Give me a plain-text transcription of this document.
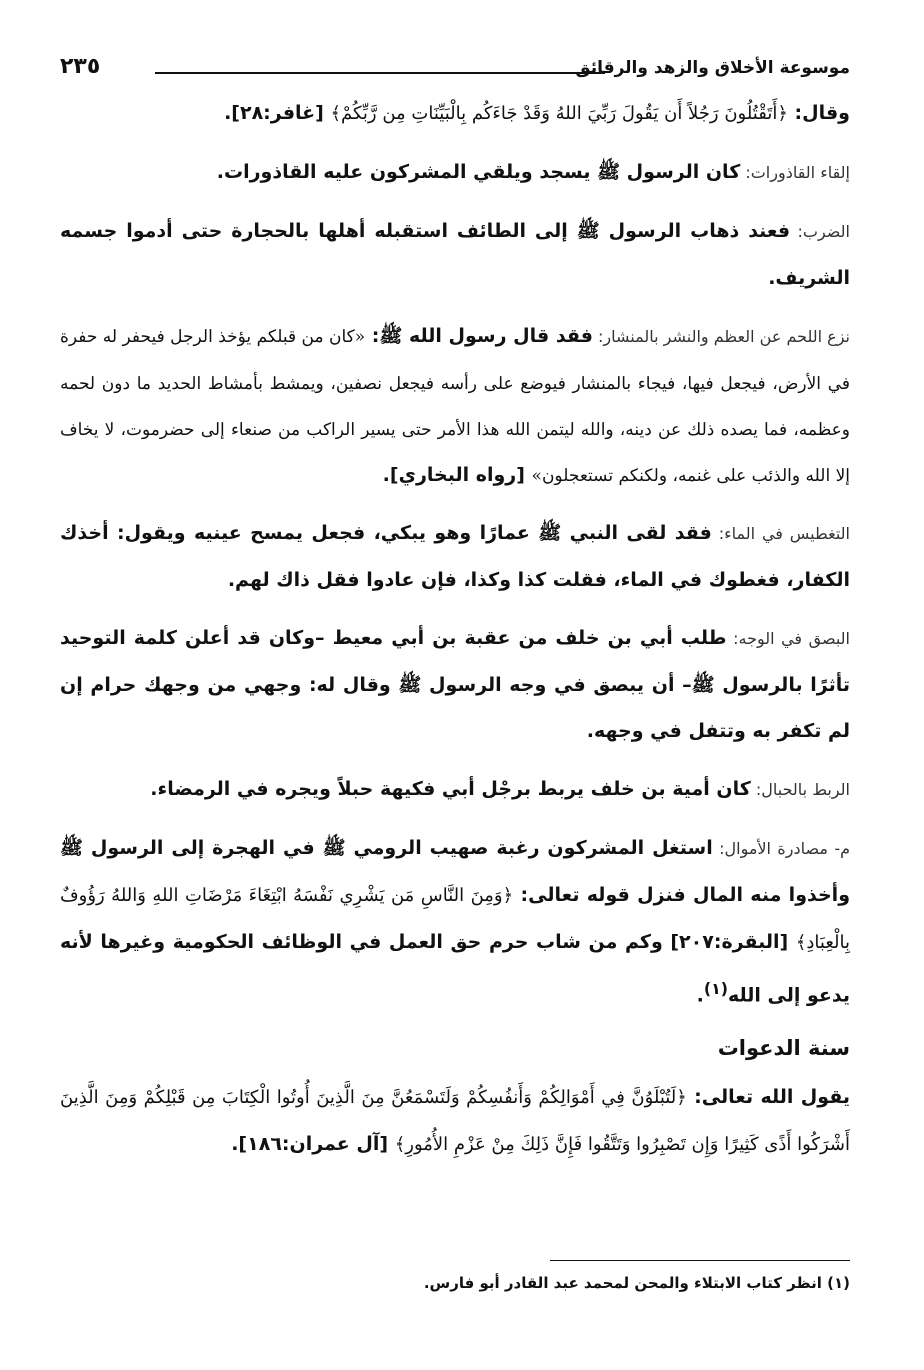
موسوعة الأخلاق والزهد والرقائق
٢٣٥

وقال: ﴿أَتَقْتُلُونَ رَجُلاً أَن يَقُولَ رَبِّيَ اللهُ وَقَدْ جَاءَكُم بِالْبَيِّنَاتِ مِن رَّبِّكُمْ﴾ [غافر:٢٨].

إلقاء القاذورات: كان الرسول ﷺ يسجد ويلقي المشركون عليه القاذورات.

الضرب: فعند ذهاب الرسول ﷺ إلى الطائف استقبله أهلها بالحجارة حتى أدموا جسمه الشريف.

نزع اللحم عن العظم والنشر بالمنشار: فقد قال رسول الله ﷺ: «كان من قبلكم يؤخذ الرجل فيحفر له حفرة في الأرض، فيجعل فيها، فيجاء بالمنشار فيوضع على رأسه فيجعل نصفين، ويمشط بأمشاط الحديد ما دون لحمه وعظمه، فما يصده ذلك عن دينه، والله ليتمن الله هذا الأمر حتى يسير الراكب من صنعاء إلى حضرموت، لا يخاف إلا الله والذئب على غنمه، ولكنكم تستعجلون» [رواه البخاري].

التغطيس في الماء: فقد لقى النبي ﷺ عمارًا وهو يبكي، فجعل يمسح عينيه ويقول: أخذك الكفار، فغطوك في الماء، فقلت كذا وكذا، فإن عادوا فقل ذاك لهم.

البصق في الوجه: طلب أبي بن خلف من عقبة بن أبي معيط –وكان قد أعلن كلمة التوحيد تأثرًا بالرسول ﷺ– أن يبصق في وجه الرسول ﷺ وقال له: وجهي من وجهك حرام إن لم تكفر به وتتفل في وجهه.

الربط بالحبال: كان أمية بن خلف يربط برجْل أبي فكيهة حبلاً ويجره في الرمضاء.

م- مصادرة الأموال: استغل المشركون رغبة صهيب الرومي ﷺ في الهجرة إلى الرسول ﷺ وأخذوا منه المال فنزل قوله تعالى: ﴿وَمِنَ النَّاسِ مَن يَشْرِي نَفْسَهُ ابْتِغَاءَ مَرْضَاتِ اللهِ وَاللهُ رَؤُوفٌ بِالْعِبَادِ﴾ [البقرة:٢٠٧] وكم من شاب حرم حق العمل في الوظائف الحكومية وغيرها لأنه يدعو إلى الله$^{(١)}$.

سنة الدعوات

يقول الله تعالى: ﴿لَتُبْلَوُنَّ فِي أَمْوَالِكُمْ وَأَنفُسِكُمْ وَلَتَسْمَعُنَّ مِنَ الَّذِينَ أُوتُوا الْكِتَابَ مِن قَبْلِكُمْ وَمِنَ الَّذِينَ أَشْرَكُوا أَذًى كَثِيرًا وَإِن تَصْبِرُوا وَتَتَّقُوا فَإِنَّ ذَلِكَ مِنْ عَزْمِ الأُمُورِ﴾ [آل عمران:١٨٦].

(١) انظر كتاب الابتلاء والمحن لمحمد عبد القادر أبو فارس.
